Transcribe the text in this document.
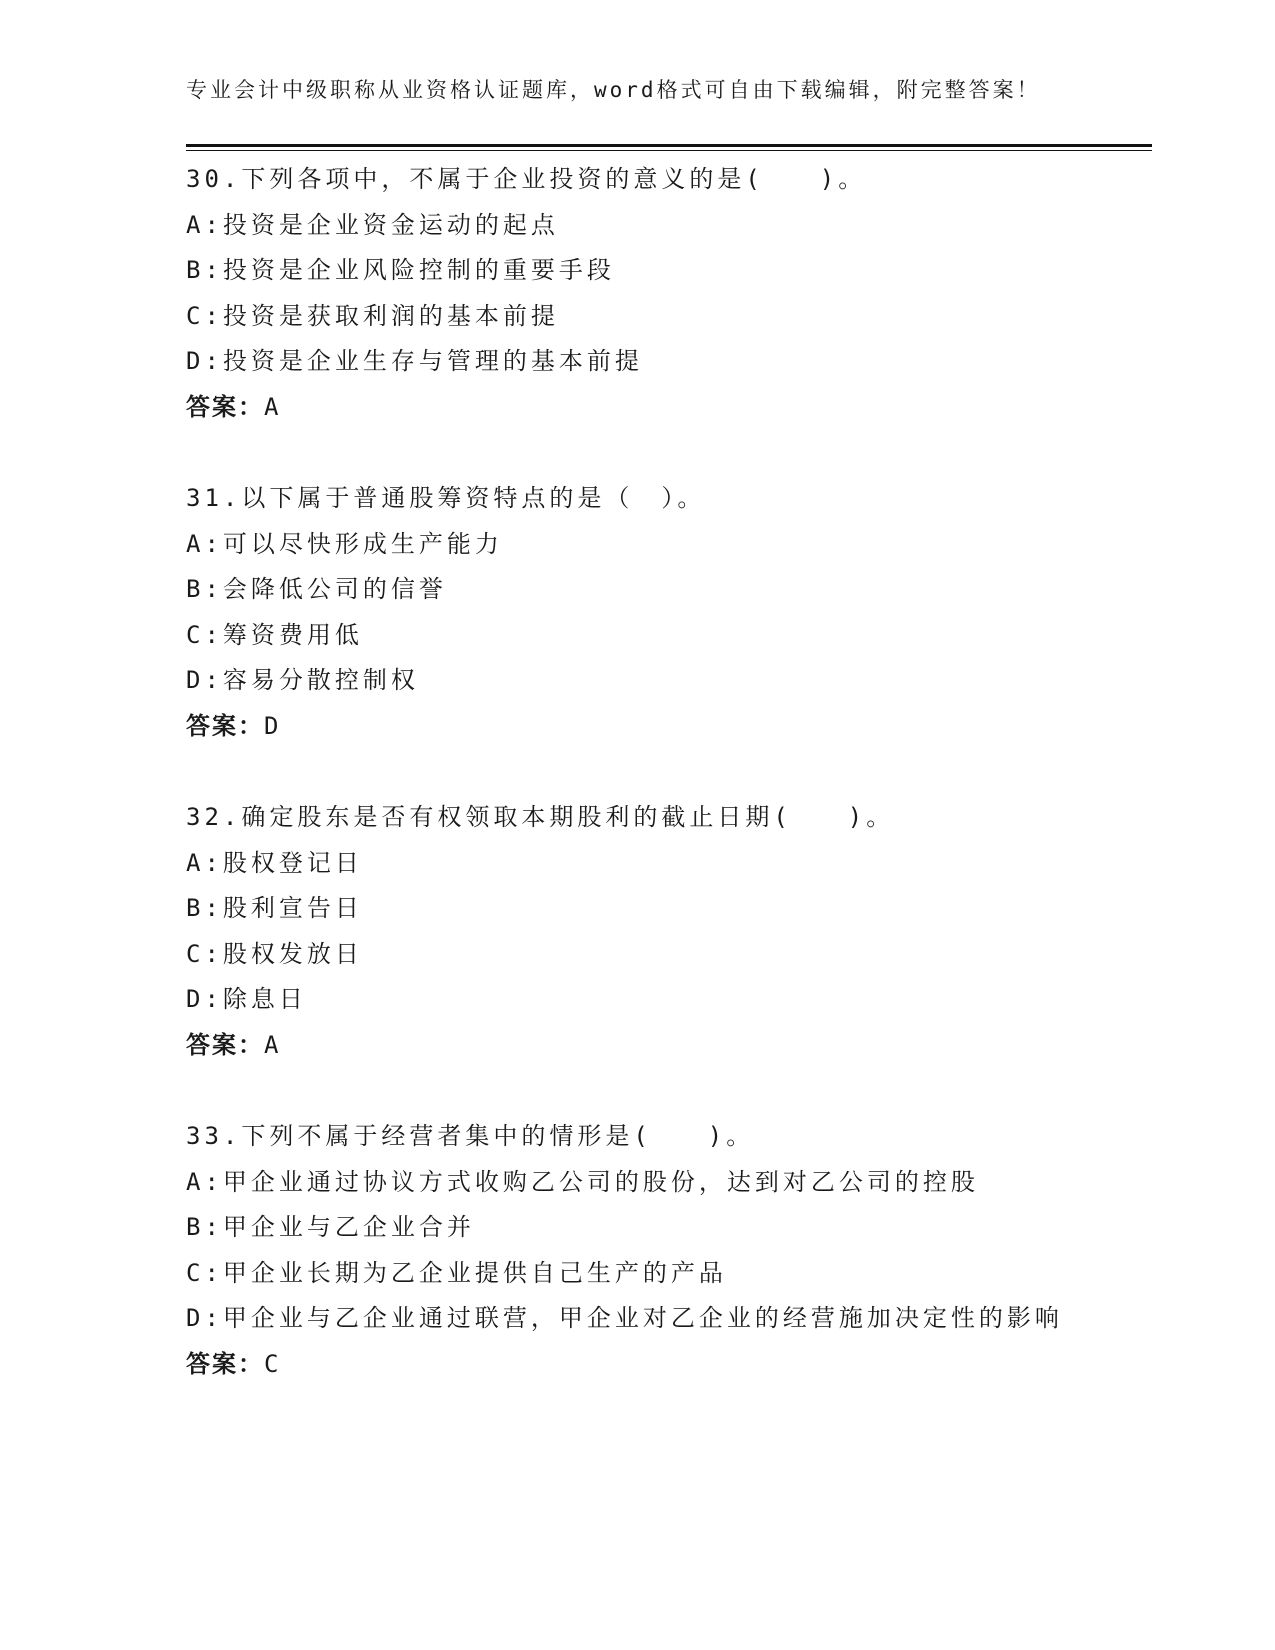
专业会计中级职称从业资格认证题库，word格式可自由下载编辑，附完整答案！
30.下列各项中，不属于企业投资的意义的是(　　)。
A:投资是企业资金运动的起点
B:投资是企业风险控制的重要手段
C:投资是获取利润的基本前提
D:投资是企业生存与管理的基本前提
答案：A
31.以下属于普通股筹资特点的是（　）。
A:可以尽快形成生产能力
B:会降低公司的信誉
C:筹资费用低
D:容易分散控制权
答案：D
32.确定股东是否有权领取本期股利的截止日期(　　)。
A:股权登记日
B:股利宣告日
C:股权发放日
D:除息日
答案：A
33.下列不属于经营者集中的情形是(　　)。
A:甲企业通过协议方式收购乙公司的股份，达到对乙公司的控股
B:甲企业与乙企业合并
C:甲企业长期为乙企业提供自己生产的产品
D:甲企业与乙企业通过联营，甲企业对乙企业的经营施加决定性的影响
答案：C
